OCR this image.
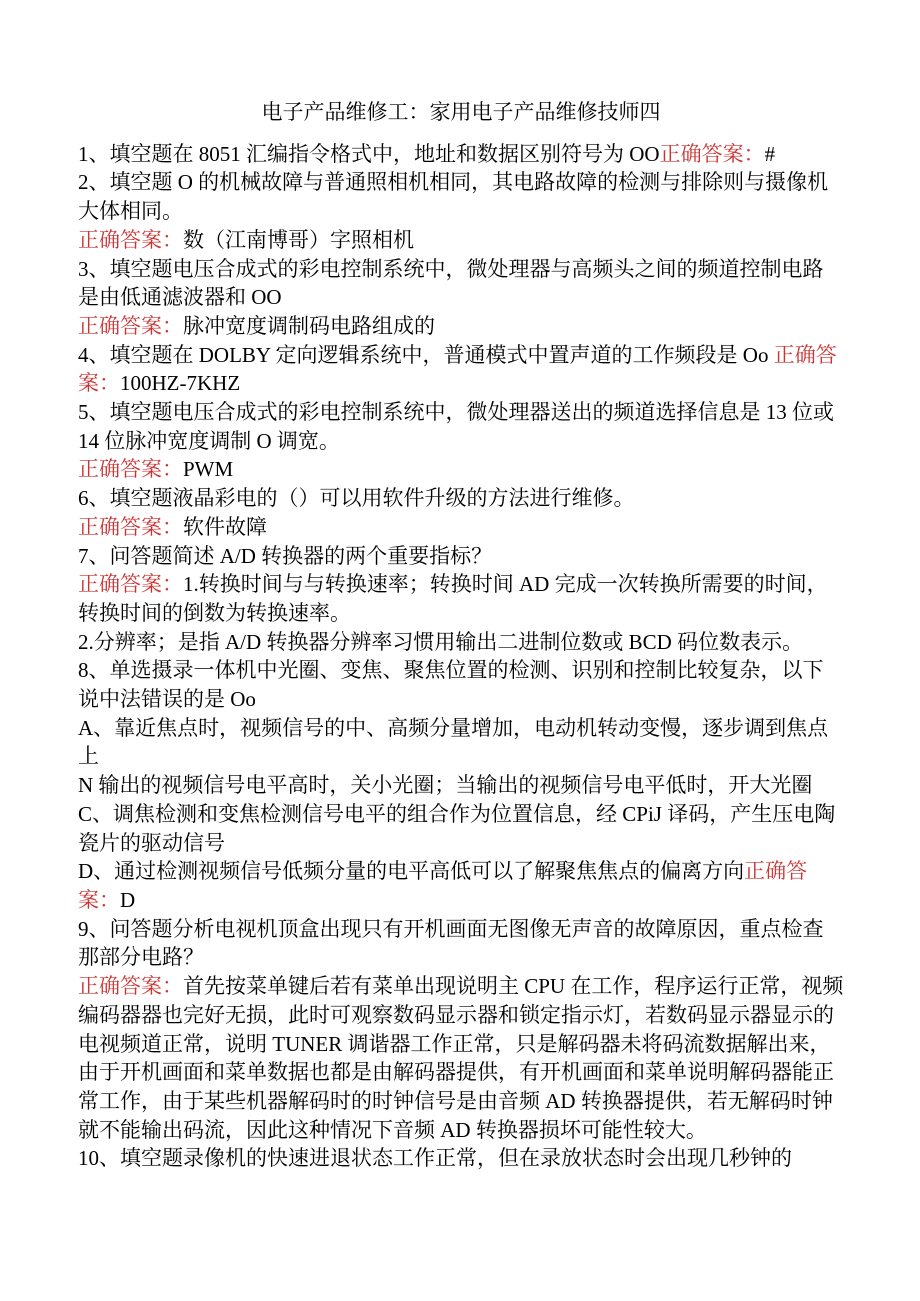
电子产品维修工：家用电子产品维修技师四
1、填空题在 8051 汇编指令格式中，地址和数据区别符号为 OO正确答案：#
2、填空题 O 的机械故障与普通照相机相同，其电路故障的检测与排除则与摄像机大体相同。
正确答案：数（江南博哥）字照相机
3、填空题电压合成式的彩电控制系统中，微处理器与高频头之间的频道控制电路是由低通滤波器和 OO
正确答案：脉冲宽度调制码电路组成的
4、填空题在 DOLBY 定向逻辑系统中，普通模式中置声道的工作频段是 Oo 正确答案：100HZ-7KHZ
5、填空题电压合成式的彩电控制系统中，微处理器送出的频道选择信息是 13 位或 14 位脉冲宽度调制 O 调宽。
正确答案：PWM
6、填空题液晶彩电的（）可以用软件升级的方法进行维修。
正确答案：软件故障
7、问答题简述 A/D 转换器的两个重要指标？
正确答案：1.转换时间与与转换速率；转换时间 AD 完成一次转换所需要的时间，转换时间的倒数为转换速率。
2.分辨率；是指 A/D 转换器分辨率习惯用输出二进制位数或 BCD 码位数表示。
8、单选摄录一体机中光圈、变焦、聚焦位置的检测、识别和控制比较复杂，以下说中法错误的是 Oo
A、靠近焦点时，视频信号的中、高频分量增加，电动机转动变慢，逐步调到焦点上
N 输出的视频信号电平高时，关小光圈；当输出的视频信号电平低时，开大光圈
C、调焦检测和变焦检测信号电平的组合作为位置信息，经 CPiJ 译码，产生压电陶瓷片的驱动信号
D、通过检测视频信号低频分量的电平高低可以了解聚焦焦点的偏离方向正确答案：D
9、问答题分析电视机顶盒出现只有开机画面无图像无声音的故障原因，重点检查那部分电路？
正确答案：首先按菜单键后若有菜单出现说明主 CPU 在工作，程序运行正常，视频编码器器也完好无损，此时可观察数码显示器和锁定指示灯，若数码显示器显示的电视频道正常，说明 TUNER 调谐器工作正常，只是解码器未将码流数据解出来，由于开机画面和菜单数据也都是由解码器提供，有开机画面和菜单说明解码器能正常工作，由于某些机器解码时的时钟信号是由音频 AD 转换器提供，若无解码时钟就不能输出码流，因此这种情况下音频 AD 转换器损坏可能性较大。
10、填空题录像机的快速进退状态工作正常，但在录放状态时会出现几秒钟的
